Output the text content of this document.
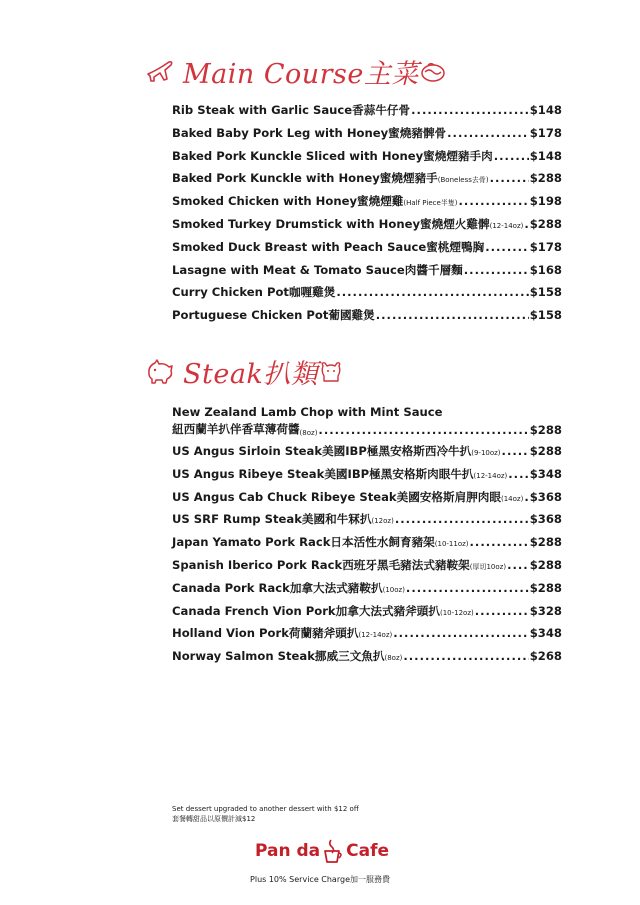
Main Course主菜
Rib Steak with Garlic Sauce香蒜牛仔骨 .....	$148
Baked Baby Pork Leg with Honey蜜燒豬髀骨 .....	$178
Baked Pork Kunckle Sliced with Honey蜜燒煙豬手肉 .....	$148
Baked Pork Kunckle with Honey蜜燒煙豬手 (Boneless去骨) .....	$288
Smoked Chicken with Honey蜜燒煙雞 (Half Piece半隻) .....	$198
Smoked Turkey Drumstick with Honey蜜燒煙火雞髀 (12-14oz) ..... $288
Smoked Duck Breast with Peach Sauce蜜桃煙鴨胸 .....	$178
Lasagne with Meat & Tomato Sauce肉醬千層麵 .....	$168
Curry Chicken Pot咖喱雞煲 .....	$158
Portuguese Chicken Pot葡國雞煲 .....	$158
Steak扒類
New Zealand Lamb Chop with Mint Sauce
紐西蘭羊扒伴香草薄荷醬 (8oz) .....	$288
US Angus Sirloin Steak美國IBP極黑安格斯西冷牛扒 (9-10oz) .....	$288
US Angus Ribeye Steak美國IBP極黑安格斯肉眼牛扒 (12-14oz) ..... $348
US Angus Cab Chuck Ribeye Steak美國安格斯肩胛肉眼 (14oz) ..... $368
US SRF Rump Steak美國和牛冧扒 (12oz) .....	$368
Japan Yamato Pork Rack日本活性水飼育豬架 (10-11oz) .....	$288
Spanish Iberico Pork Rack西班牙黑毛豬法式豬鞍架 (厚切10oz) ..... $288
Canada Pork Rack加拿大法式豬鞍扒 (10oz) .....	$288
Canada French Vion Pork加拿大法式豬斧頭扒 (10-12oz) .....	$328
Holland Vion Pork荷蘭豬斧頭扒 (12-14oz) .....	$348
Norway Salmon Steak挪威三文魚扒 (8oz) .....	$268
Set dessert upgraded to another dessert with $12 off
套餐轉甜品以原價計減$12
Pan da Cafe
Plus 10% Service Charge加一服務費
